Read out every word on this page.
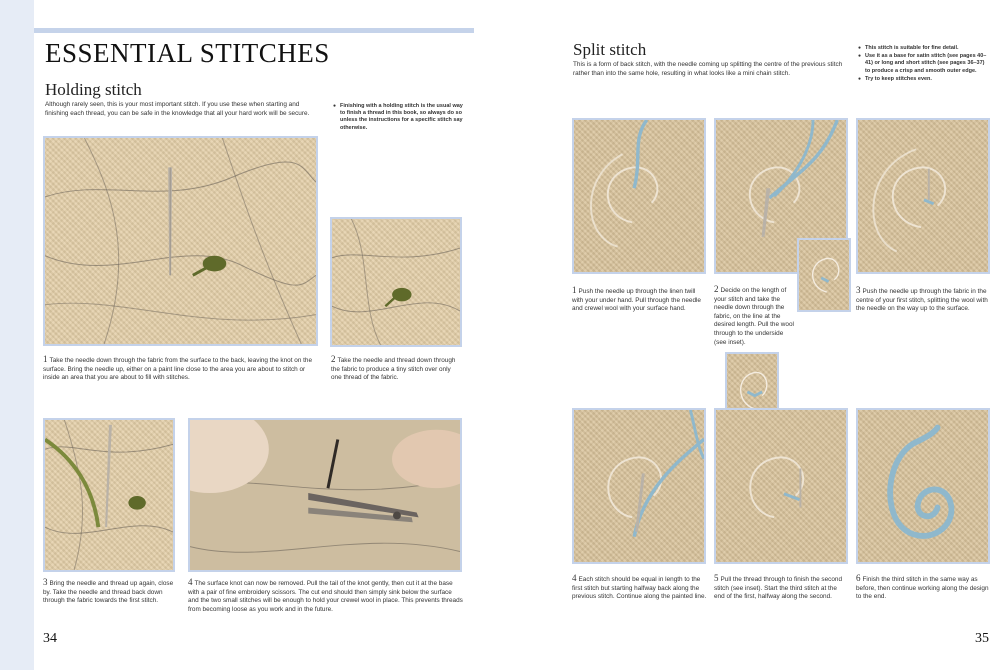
ESSENTIAL STITCHES
Holding stitch
Although rarely seen, this is your most important stitch. If you use these when starting and finishing each thread, you can be safe in the knowledge that all your hard work will be secure.
● Finishing with a holding stitch is the usual way to finish a thread in this book, so always do so unless the instructions for a specific stitch say otherwise.
1 Take the needle down through the fabric from the surface to the back, leaving the knot on the surface. Bring the needle up, either on a paint line close to the area you are about to stitch or inside an area that you are about to fill with stitches.
2 Take the needle and thread down through the fabric to produce a tiny stitch over only one thread of the fabric.
3 Bring the needle and thread up again, close by. Take the needle and thread back down through the fabric towards the first stitch.
4 The surface knot can now be removed. Pull the tail of the knot gently, then cut it at the base with a pair of fine embroidery scissors. The cut end should then simply sink below the surface and the two small stitches will be enough to hold your crewel wool in place. This prevents threads from becoming loose as you work and in the future.
34
Split stitch
This is a form of back stitch, with the needle coming up splitting the centre of the previous stitch rather than into the same hole, resulting in what looks like a mini chain stitch.
● This stitch is suitable for fine detail.
● Use it as a base for satin stitch (see pages 40–41) or long and short stitch (see pages 36–37) to produce a crisp and smooth outer edge.
● Try to keep stitches even.
1 Push the needle up through the linen twill with your under hand. Pull through the needle and crewel wool with your surface hand.
2 Decide on the length of your stitch and take the needle down through the fabric, on the line at the desired length. Pull the wool through to the underside (see inset).
3 Push the needle up through the fabric in the centre of your first stitch, splitting the wool with the needle on the way up to the surface.
4 Each stitch should be equal in length to the first stitch but starting halfway back along the previous stitch. Continue along the painted line.
5 Pull the thread through to finish the second stitch (see inset). Start the third stitch at the end of the first, halfway along the second.
6 Finish the third stitch in the same way as before, then continue working along the design to the end.
35
